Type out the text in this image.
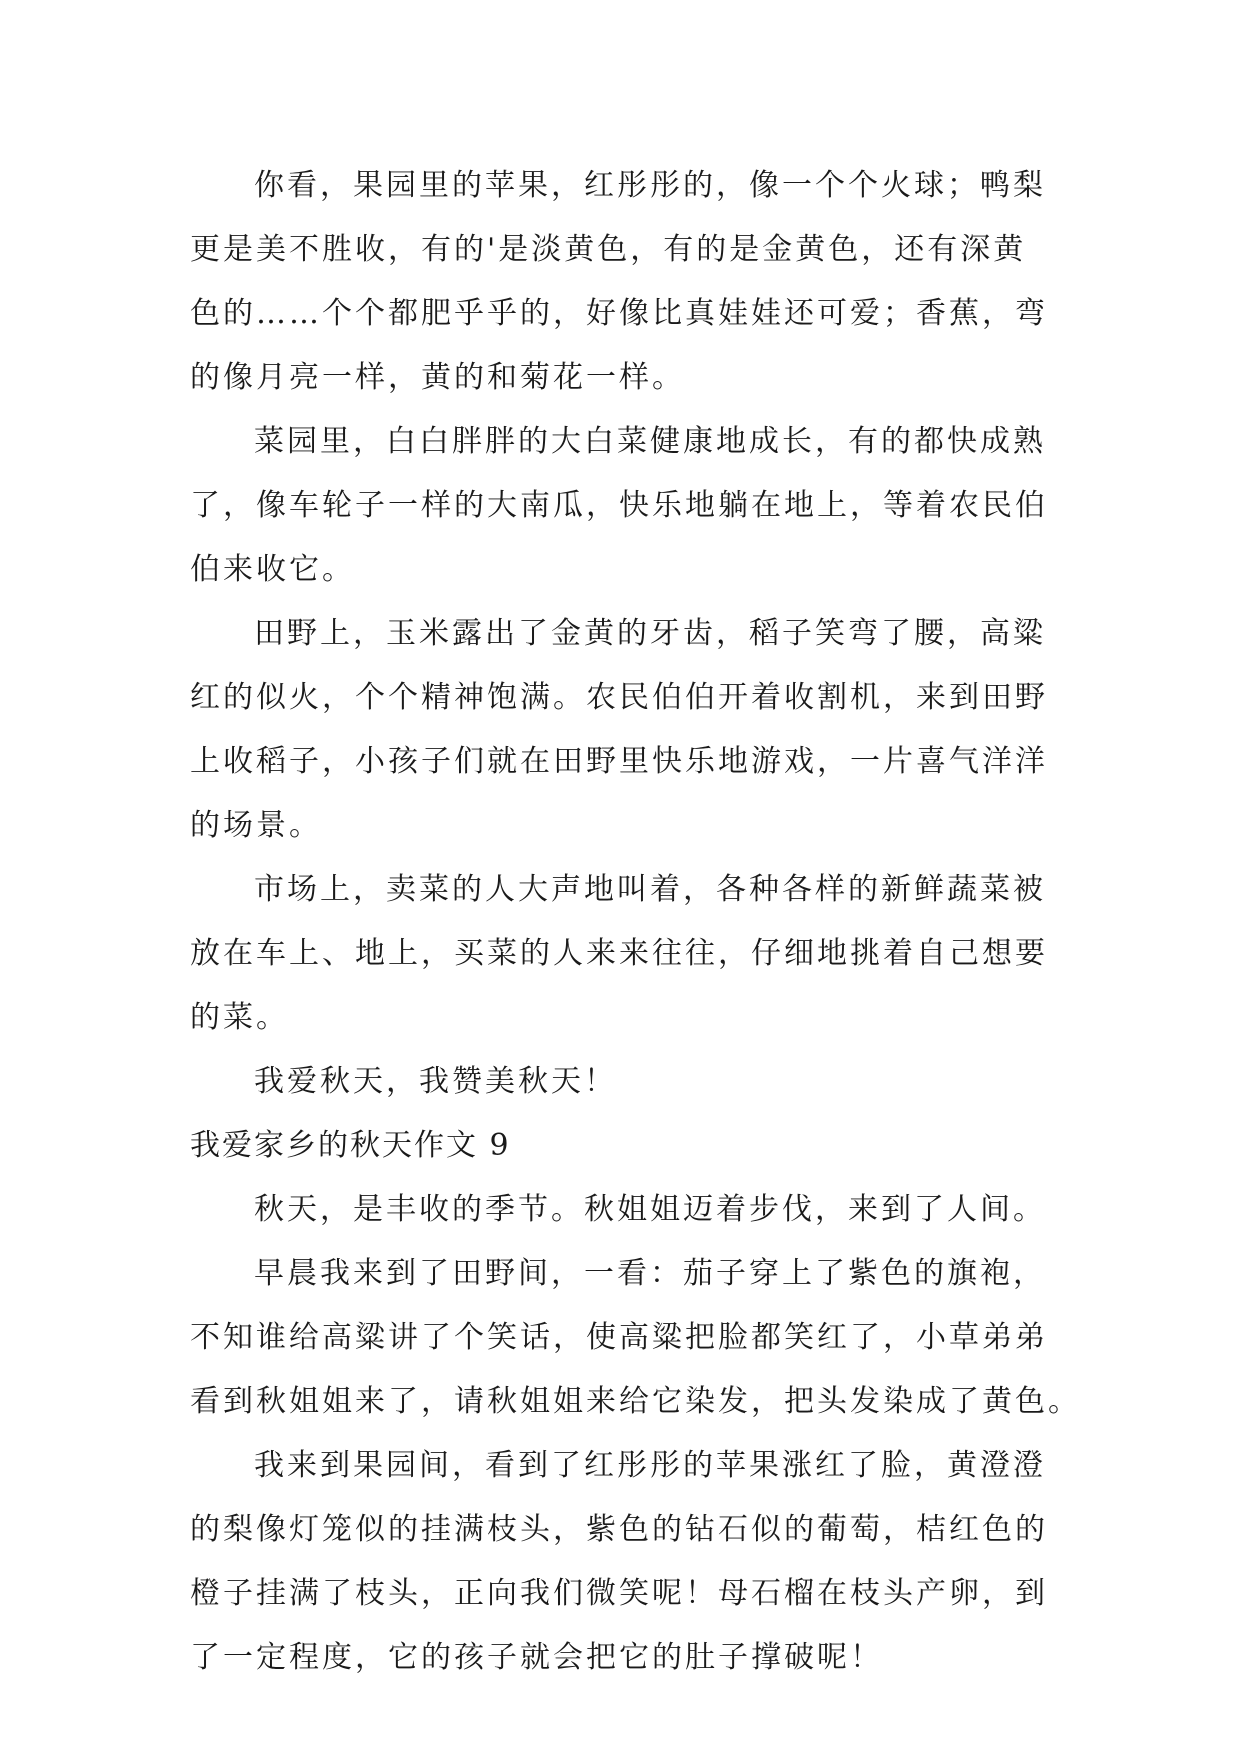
你看，果园里的苹果，红彤彤的，像一个个火球；鸭梨
更是美不胜收，有的'是淡黄色，有的是金黄色，还有深黄
色的……个个都肥乎乎的，好像比真娃娃还可爱；香蕉，弯
的像月亮一样，黄的和菊花一样。
菜园里，白白胖胖的大白菜健康地成长，有的都快成熟
了，像车轮子一样的大南瓜，快乐地躺在地上，等着农民伯
伯来收它。
田野上，玉米露出了金黄的牙齿，稻子笑弯了腰，高粱
红的似火，个个精神饱满。农民伯伯开着收割机，来到田野
上收稻子，小孩子们就在田野里快乐地游戏，一片喜气洋洋
的场景。
市场上，卖菜的人大声地叫着，各种各样的新鲜蔬菜被
放在车上、地上，买菜的人来来往往，仔细地挑着自己想要
的菜。
我爱秋天，我赞美秋天！
我爱家乡的秋天作文 9
秋天，是丰收的季节。秋姐姐迈着步伐，来到了人间。
早晨我来到了田野间，一看：茄子穿上了紫色的旗袍，
不知谁给高粱讲了个笑话，使高粱把脸都笑红了，小草弟弟
看到秋姐姐来了，请秋姐姐来给它染发，把头发染成了黄色。
我来到果园间，看到了红彤彤的苹果涨红了脸，黄澄澄
的梨像灯笼似的挂满枝头，紫色的钻石似的葡萄，桔红色的
橙子挂满了枝头，正向我们微笑呢！母石榴在枝头产卵，到
了一定程度，它的孩子就会把它的肚子撑破呢！
